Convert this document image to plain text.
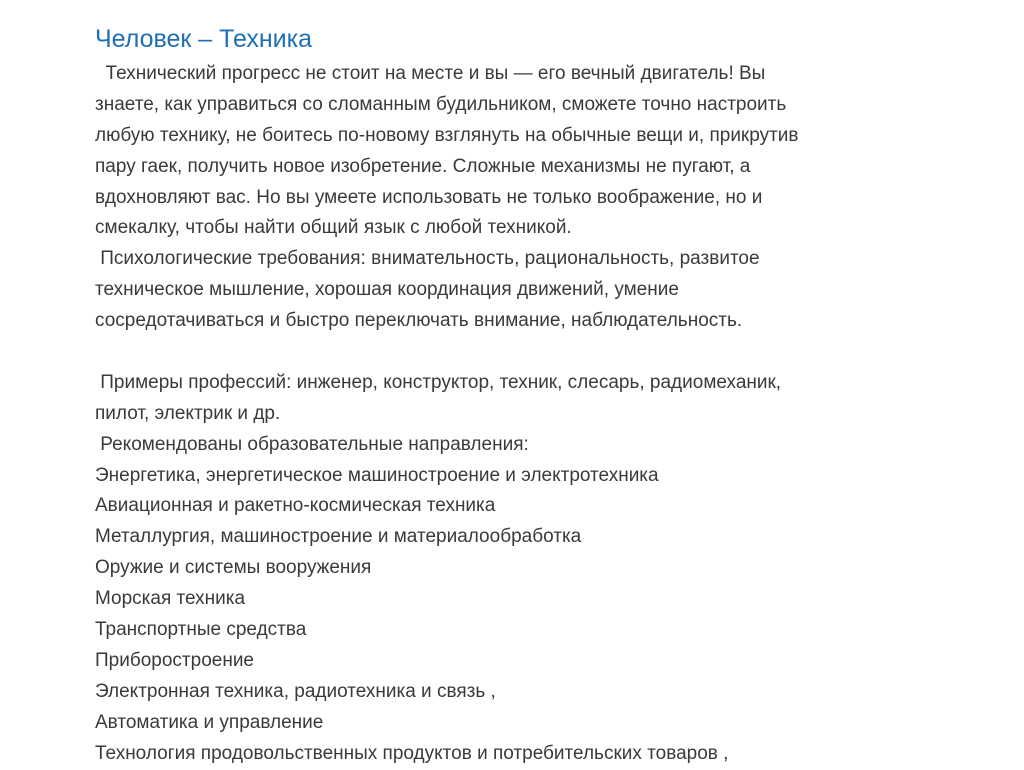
Человек – Техника
Технический прогресс не стоит на месте и вы — его вечный двигатель! Вы
знаете, как управиться со сломанным будильником, сможете точно настроить
любую технику, не боитесь по-новому взглянуть на обычные вещи и, прикрутив
пару гаек, получить новое изобретение. Сложные механизмы не пугают, а
вдохновляют вас. Но вы умеете использовать не только воображение, но и
смекалку, чтобы найти общий язык с любой техникой.
Психологические требования: внимательность, рациональность, развитое
техническое мышление, хорошая координация движений, умение
сосредотачиваться и быстро переключать внимание, наблюдательность.
Примеры профессий: инженер, конструктор, техник, слесарь, радиомеханик,
пилот, электрик и др.
Рекомендованы образовательные направления:
Энергетика, энергетическое машиностроение и электротехника
Авиационная и ракетно-космическая техника
Металлургия, машиностроение и материалообработка
Оружие и системы вооружения
Морская техника
Транспортные средства
Приборостроение
Электронная техника, радиотехника и связь ,
Автоматика и управление
Технология продовольственных продуктов и потребительских товаров ,
